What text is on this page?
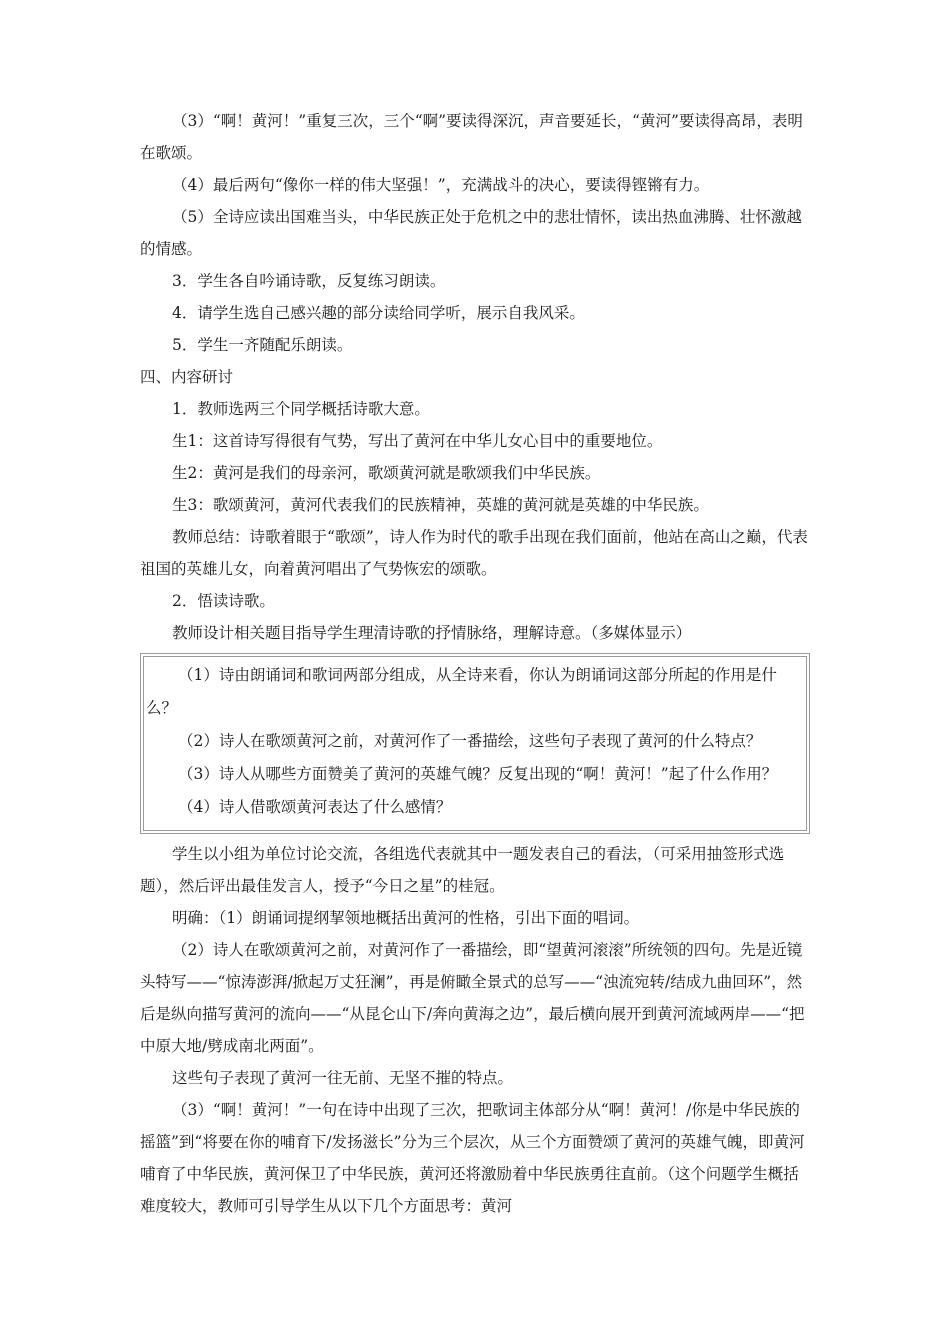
（3）“啊！黄河！”重复三次，三个“啊”要读得深沉，声音要延长，“黄河”要读得高昂，表明在歌颂。

（4）最后两句“像你一样的伟大坚强！”，充满战斗的决心，要读得铿锵有力。

（5）全诗应读出国难当头，中华民族正处于危机之中的悲壮情怀，读出热血沸腾、壮怀激越的情感。

3．学生各自吟诵诗歌，反复练习朗读。

4．请学生选自己感兴趣的部分读给同学听，展示自我风采。

5．学生一齐随配乐朗读。

四、内容研讨

1．教师选两三个同学概括诗歌大意。

生1：这首诗写得很有气势，写出了黄河在中华儿女心目中的重要地位。

生2：黄河是我们的母亲河，歌颂黄河就是歌颂我们中华民族。

生3：歌颂黄河，黄河代表我们的民族精神，英雄的黄河就是英雄的中华民族。

教师总结：诗歌着眼于“歌颂”，诗人作为时代的歌手出现在我们面前，他站在高山之巅，代表祖国的英雄儿女，向着黄河唱出了气势恢宏的颂歌。

2．悟读诗歌。

教师设计相关题目指导学生理清诗歌的抒情脉络，理解诗意。（多媒体显示）

（1）诗由朗诵词和歌词两部分组成，从全诗来看，你认为朗诵词这部分所起的作用是什么？

（2）诗人在歌颂黄河之前，对黄河作了一番描绘，这些句子表现了黄河的什么特点？

（3）诗人从哪些方面赞美了黄河的英雄气魄？反复出现的“啊！黄河！”起了什么作用？

（4）诗人借歌颂黄河表达了什么感情？

学生以小组为单位讨论交流，各组选代表就其中一题发表自己的看法，（可采用抽签形式选题），然后评出最佳发言人，授予“今日之星”的桂冠。

明确：（1）朗诵词提纲挈领地概括出黄河的性格，引出下面的唱词。

（2）诗人在歌颂黄河之前，对黄河作了一番描绘，即“望黄河滚滚”所统领的四句。先是近镜头特写——“惊涛澎湃/掀起万丈狂澜”，再是俯瞰全景式的总写——“浊流宛转/结成九曲回环”，然后是纵向描写黄河的流向——“从昆仑山下/奔向黄海之边”，最后横向展开到黄河流域两岸——“把中原大地/劈成南北两面”。

这些句子表现了黄河一往无前、无坚不摧的特点。

（3）“啊！黄河！”一句在诗中出现了三次，把歌词主体部分从“啊！黄河！/你是中华民族的摇篮”到“将要在你的哺育下/发扬滋长”分为三个层次，从三个方面赞颂了黄河的英雄气魄，即黄河哺育了中华民族，黄河保卫了中华民族，黄河还将激励着中华民族勇往直前。（这个问题学生概括难度较大，教师可引导学生从以下几个方面思考：黄河
